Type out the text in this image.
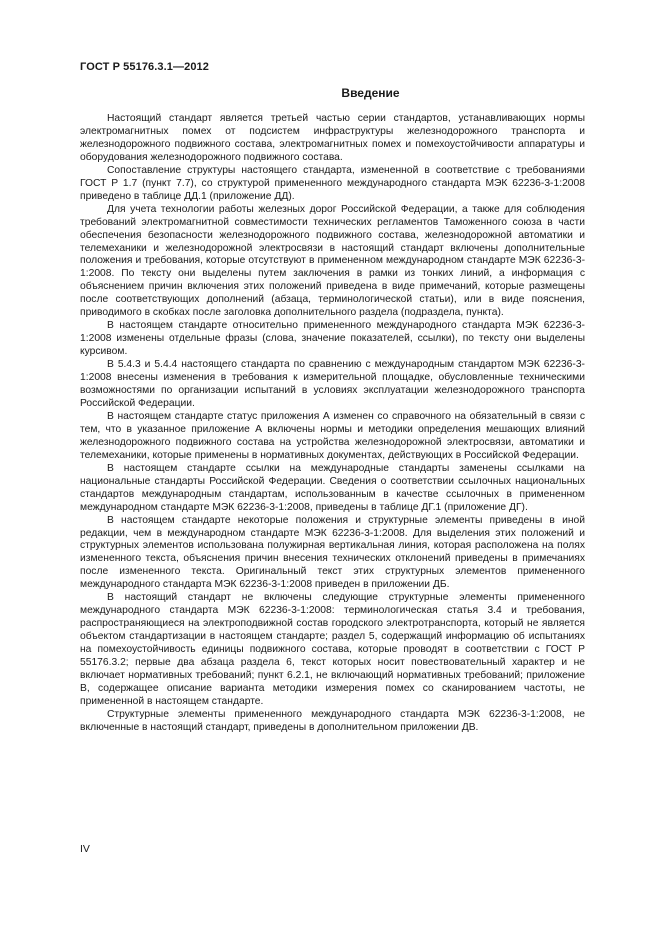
ГОСТ Р 55176.3.1—2012
Введение

Настоящий стандарт является третьей частью серии стандартов, устанавливающих нормы электромагнитных помех от подсистем инфраструктуры железнодорожного транспорта и железнодорожного подвижного состава, электромагнитных помех и помехоустойчивости аппаратуры и оборудования железнодорожного подвижного состава.

Сопоставление структуры настоящего стандарта, измененной в соответствие с требованиями ГОСТ Р 1.7 (пункт 7.7), со структурой примененного международного стандарта МЭК 62236-3-1:2008 приведено в таблице ДД.1 (приложение ДД).

Для учета технологии работы железных дорог Российской Федерации, а также для соблюдения требований электромагнитной совместимости технических регламентов Таможенного союза в части обеспечения безопасности железнодорожного подвижного состава, железнодорожной автоматики и телемеханики и железнодорожной электросвязи в настоящий стандарт включены дополнительные положения и требования, которые отсутствуют в примененном международном стандарте МЭК 62236-3-1:2008. По тексту они выделены путем заключения в рамки из тонких линий, а информация с объяснением причин включения этих положений приведена в виде примечаний, которые размещены после соответствующих дополнений (абзаца, терминологической статьи), или в виде пояснения, приводимого в скобках после заголовка дополнительного раздела (подраздела, пункта).

В настоящем стандарте относительно примененного международного стандарта МЭК 62236-3-1:2008 изменены отдельные фразы (слова, значение показателей, ссылки), по тексту они выделены курсивом.

В 5.4.3 и 5.4.4 настоящего стандарта по сравнению с международным стандартом МЭК 62236-3-1:2008 внесены изменения в требования к измерительной площадке, обусловленные техническими возможностями по организации испытаний в условиях эксплуатации железнодорожного транспорта Российской Федерации.

В настоящем стандарте статус приложения А изменен со справочного на обязательный в связи с тем, что в указанное приложение А включены нормы и методики определения мешающих влияний железнодорожного подвижного состава на устройства железнодорожной электросвязи, автоматики и телемеханики, которые применены в нормативных документах, действующих в Российской Федерации.

В настоящем стандарте ссылки на международные стандарты заменены ссылками на национальные стандарты Российской Федерации. Сведения о соответствии ссылочных национальных стандартов международным стандартам, использованным в качестве ссылочных в примененном международном стандарте МЭК 62236-3-1:2008, приведены в таблице ДГ.1 (приложение ДГ).

В настоящем стандарте некоторые положения и структурные элементы приведены в иной редакции, чем в международном стандарте МЭК 62236-3-1:2008. Для выделения этих положений и структурных элементов использована полужирная вертикальная линия, которая расположена на полях измененного текста, объяснения причин внесения технических отклонений приведены в примечаниях после измененного текста. Оригинальный текст этих структурных элементов примененного международного стандарта МЭК 62236-3-1:2008 приведен в приложении ДБ.

В настоящий стандарт не включены следующие структурные элементы примененного международного стандарта МЭК 62236-3-1:2008: терминологическая статья 3.4 и требования, распространяющиеся на электроподвижной состав городского электротранспорта, который не является объектом стандартизации в настоящем стандарте; раздел 5, содержащий информацию об испытаниях на помехоустойчивость единицы подвижного состава, которые проводят в соответствии с ГОСТ Р 55176.3.2; первые два абзаца раздела 6, текст которых носит повествовательный характер и не включает нормативных требований; пункт 6.2.1, не включающий нормативных требований; приложение В, содержащее описание варианта методики измерения помех со сканированием частоты, не примененной в настоящем стандарте.

Структурные элементы примененного международного стандарта МЭК 62236-3-1:2008, не включенные в настоящий стандарт, приведены в дополнительном приложении ДВ.

IV
